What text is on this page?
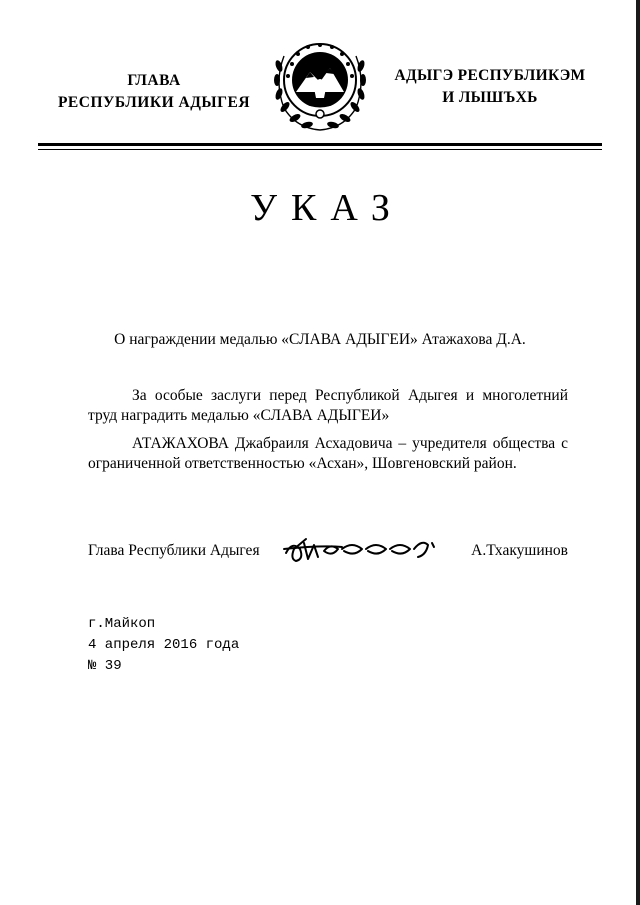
ГЛАВА
РЕСПУБЛИКИ АДЫГЕЯ
АДЫГЭ РЕСПУБЛИКЭМ
И ЛЫШЪХЬ
УКАЗ
О награждении медалью «СЛАВА АДЫГЕИ» Атажахова Д.А.
За особые заслуги перед Республикой Адыгея и многолетний труд наградить медалью «СЛАВА АДЫГЕИ»
АТАЖАХОВА Джабраиля Асхадовича – учредителя общества с ограниченной ответственностью «Асхан», Шовгеновский район.
Глава Республики Адыгея	А.Тхакушинов
г.Майкоп
4 апреля 2016 года
№ 39
